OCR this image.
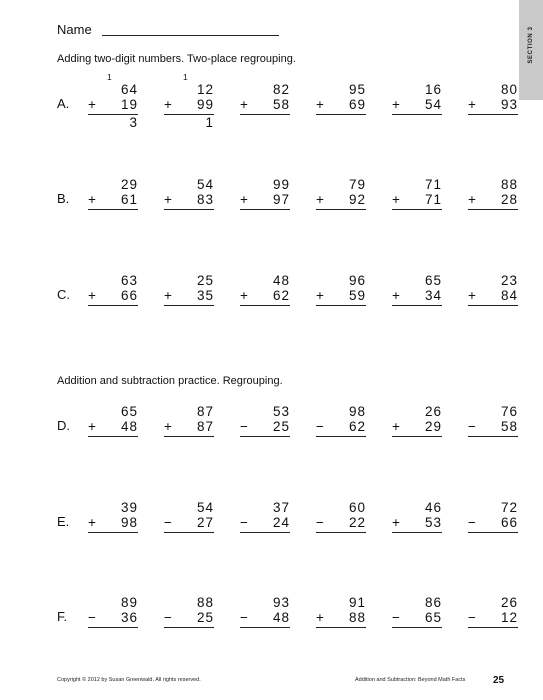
SECTION 3
Name
Adding two-digit numbers. Two-place regrouping.
Addition and subtraction practice. Regrouping.
A.
64
+ 19
1
3
12
+ 99
1
1
82
+ 58
95
+ 69
16
+ 54
80
+ 93
B.
29
+ 61
54
+ 83
99
+ 97
79
+ 92
71
+ 71
88
+ 28
C.
63
+ 66
25
+ 35
48
+ 62
96
+ 59
65
+ 34
23
+ 84
D.
65
+ 48
87
+ 87
53
− 25
98
− 62
26
+ 29
76
− 58
E.
39
+ 98
54
− 27
37
− 24
60
− 22
46
+ 53
72
− 66
F.
89
− 36
88
− 25
93
− 48
91
+ 88
86
− 65
26
− 12
Copyright © 2012 by Susan Greenwald. All rights reserved.	Addition and Subtraction: Beyond Math Facts	25
